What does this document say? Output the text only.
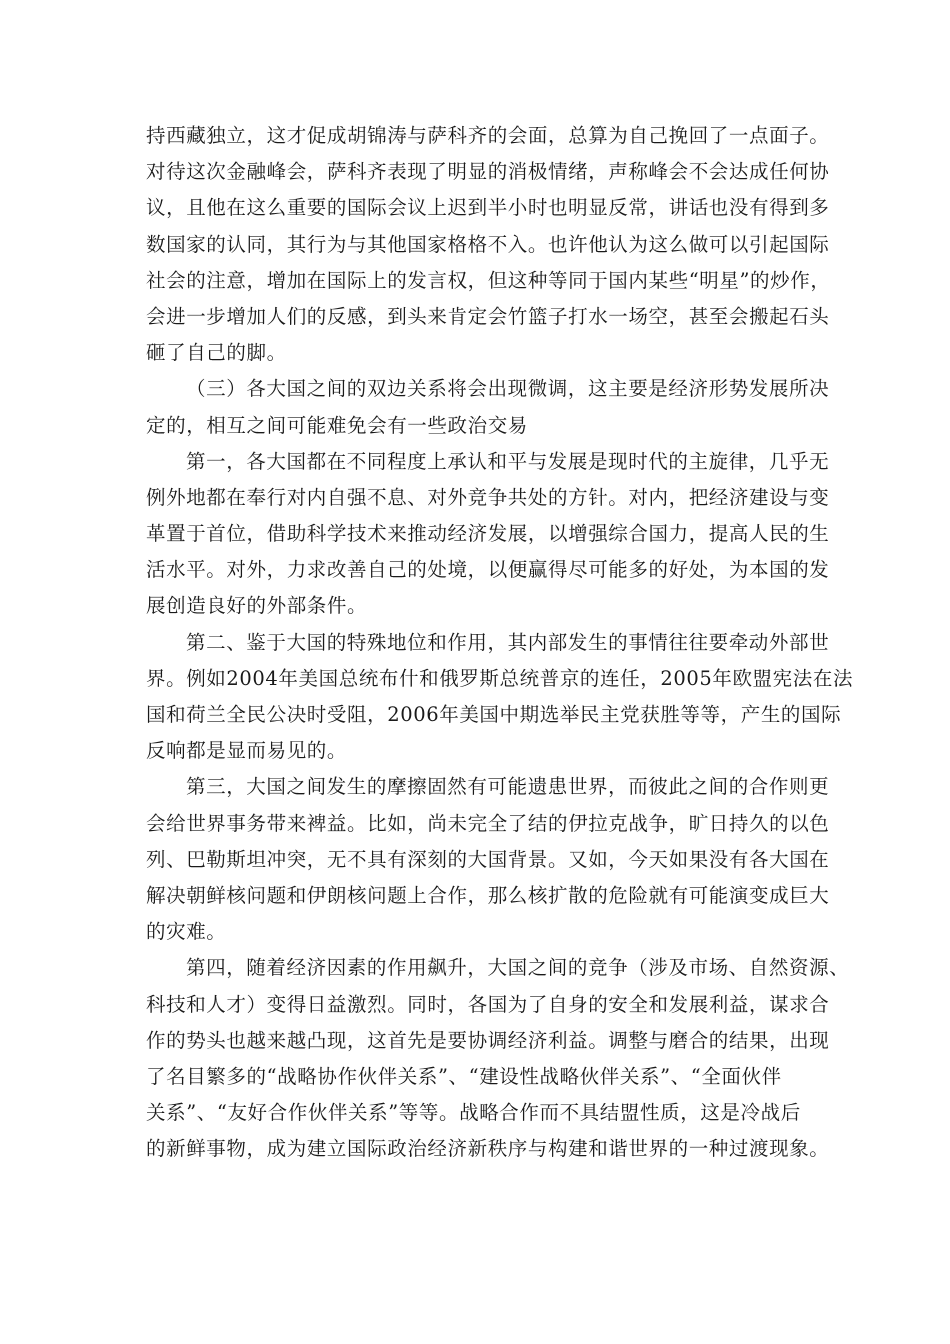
持西藏独立，这才促成胡锦涛与萨科齐的会面，总算为自己挽回了一点面子。
对待这次金融峰会，萨科齐表现了明显的消极情绪，声称峰会不会达成任何协
议，且他在这么重要的国际会议上迟到半小时也明显反常，讲话也没有得到多
数国家的认同，其行为与其他国家格格不入。也许他认为这么做可以引起国际
社会的注意，增加在国际上的发言权，但这种等同于国内某些“明星”的炒作，
会进一步增加人们的反感，到头来肯定会竹篮子打水一场空，甚至会搬起石头
砸了自己的脚。
（三）各大国之间的双边关系将会出现微调，这主要是经济形势发展所决
定的，相互之间可能难免会有一些政治交易
第一，各大国都在不同程度上承认和平与发展是现时代的主旋律，几乎无
例外地都在奉行对内自强不息、对外竞争共处的方针。对内，把经济建设与变
革置于首位，借助科学技术来推动经济发展，以增强综合国力，提高人民的生
活水平。对外，力求改善自己的处境，以便赢得尽可能多的好处，为本国的发
展创造良好的外部条件。
第二、鉴于大国的特殊地位和作用，其内部发生的事情往往要牵动外部世
界。例如2004年美国总统布什和俄罗斯总统普京的连任，2005年欧盟宪法在法
国和荷兰全民公决时受阻，2006年美国中期选举民主党获胜等等，产生的国际
反响都是显而易见的。
第三，大国之间发生的摩擦固然有可能遗患世界，而彼此之间的合作则更
会给世界事务带来裨益。比如，尚未完全了结的伊拉克战争，旷日持久的以色
列、巴勒斯坦冲突，无不具有深刻的大国背景。又如，今天如果没有各大国在
解决朝鲜核问题和伊朗核问题上合作，那么核扩散的危险就有可能演变成巨大
的灾难。
第四，随着经济因素的作用飙升，大国之间的竞争（涉及市场、自然资源、
科技和人才）变得日益激烈。同时，各国为了自身的安全和发展利益，谋求合
作的势头也越来越凸现，这首先是要协调经济利益。调整与磨合的结果，出现
了名目繁多的“战略协作伙伴关系”、“建设性战略伙伴关系”、“全面伙伴
关系”、“友好合作伙伴关系”等等。战略合作而不具结盟性质，这是冷战后
的新鲜事物，成为建立国际政治经济新秩序与构建和谐世界的一种过渡现象。
